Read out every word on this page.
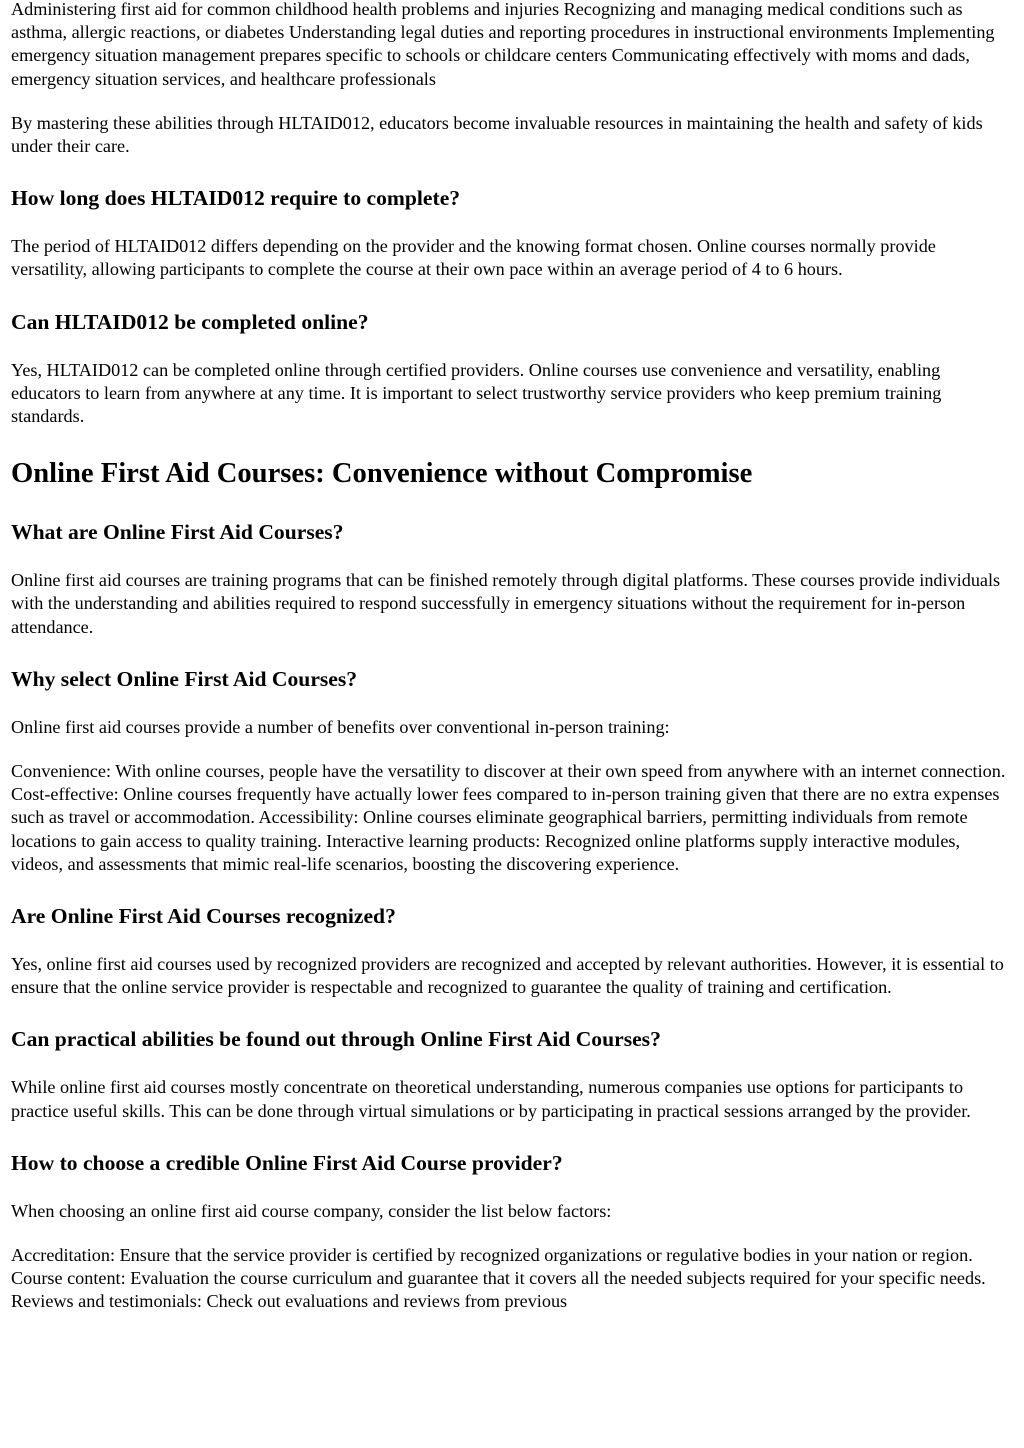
Administering first aid for common childhood health problems and injuries Recognizing and managing medical conditions such as asthma, allergic reactions, or diabetes Understanding legal duties and reporting procedures in instructional environments Implementing emergency situation management prepares specific to schools or childcare centers Communicating effectively with moms and dads, emergency situation services, and healthcare professionals

By mastering these abilities through HLTAID012, educators become invaluable resources in maintaining the health and safety of kids under their care.

How long does HLTAID012 require to complete?

The period of HLTAID012 differs depending on the provider and the knowing format chosen. Online courses normally provide versatility, allowing participants to complete the course at their own pace within an average period of 4 to 6 hours.

Can HLTAID012 be completed online?

Yes, HLTAID012 can be completed online through certified providers. Online courses use convenience and versatility, enabling educators to learn from anywhere at any time. It is important to select trustworthy service providers who keep premium training standards.

Online First Aid Courses: Convenience without Compromise
What are Online First Aid Courses?

Online first aid courses are training programs that can be finished remotely through digital platforms. These courses provide individuals with the understanding and abilities required to respond successfully in emergency situations without the requirement for in-person attendance.

Why select Online First Aid Courses?

Online first aid courses provide a number of benefits over conventional in-person training:

Convenience: With online courses, people have the versatility to discover at their own speed from anywhere with an internet connection. Cost-effective: Online courses frequently have actually lower fees compared to in-person training given that there are no extra expenses such as travel or accommodation. Accessibility: Online courses eliminate geographical barriers, permitting individuals from remote locations to gain access to quality training. Interactive learning products: Recognized online platforms supply interactive modules, videos, and assessments that mimic real-life scenarios, boosting the discovering experience.

Are Online First Aid Courses recognized?

Yes, online first aid courses used by recognized providers are recognized and accepted by relevant authorities. However, it is essential to ensure that the online service provider is respectable and recognized to guarantee the quality of training and certification.

Can practical abilities be found out through Online First Aid Courses?

While online first aid courses mostly concentrate on theoretical understanding, numerous companies use options for participants to practice useful skills. This can be done through virtual simulations or by participating in practical sessions arranged by the provider.

How to choose a credible Online First Aid Course provider?

When choosing an online first aid course company, consider the list below factors:

Accreditation: Ensure that the service provider is certified by recognized organizations or regulative bodies in your nation or region. Course content: Evaluation the course curriculum and guarantee that it covers all the needed subjects required for your specific needs. Reviews and testimonials: Check out evaluations and reviews from previous
